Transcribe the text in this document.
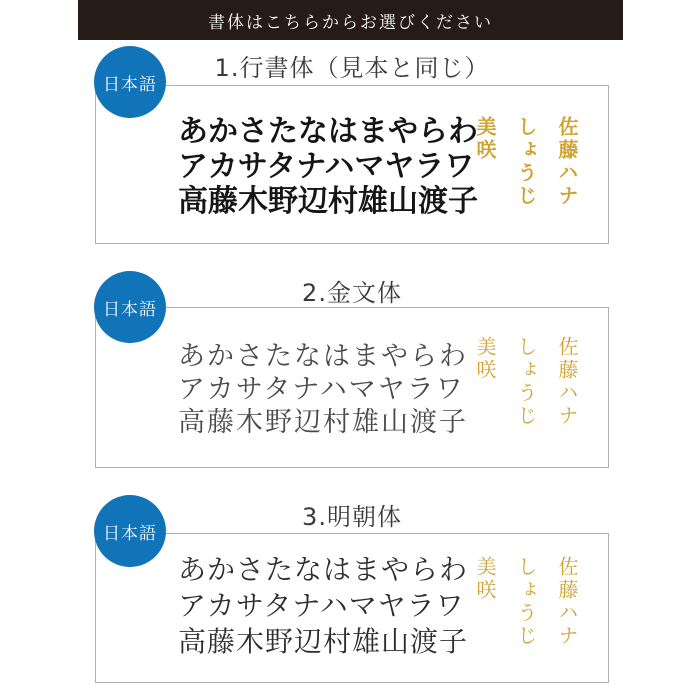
書体はこちらからお選びください
1.行書体（見本と同じ）
日本語
あかさたなはまやらわ
アカサタナハマヤラワ
高藤木野辺村雄山渡子	佐藤ハナ
しょうじ
美咲
2.金文体
日本語
あかさたなはまやらわ
アカサタナハマヤラワ
高藤木野辺村雄山渡子	佐藤ハナ
しょうじ
美咲
3.明朝体
日本語
あかさたなはまやらわ
アカサタナハマヤラワ
高藤木野辺村雄山渡子	佐藤ハナ
しょうじ
美咲
